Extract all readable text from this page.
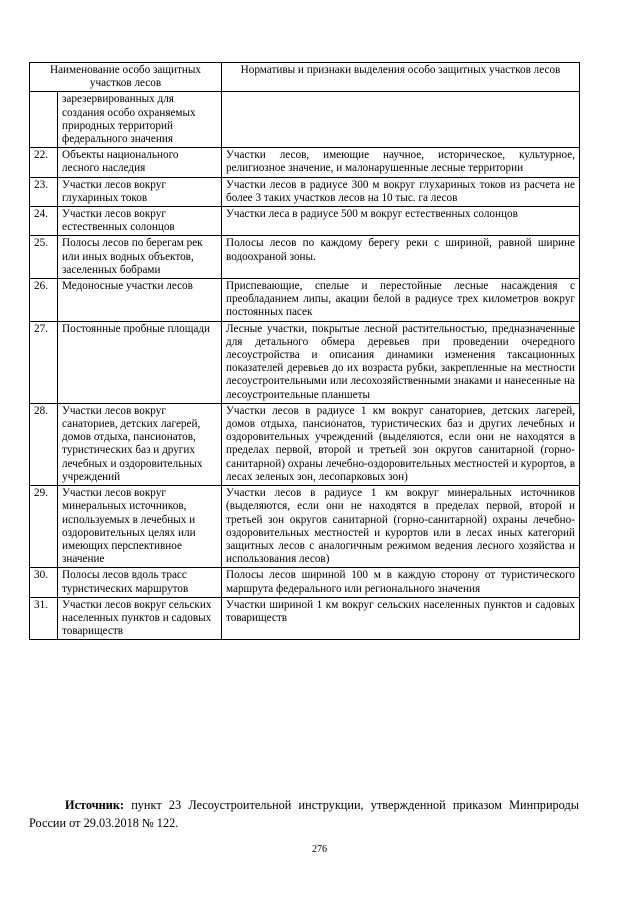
Наименование особо защитных участков лесов		Нормативы и признаки выделения особо защитных участков лесов
	зарезервированных для создания особо охраняемых природных территорий федерального значения	
22.	Объекты национального лесного наследия	Участки лесов, имеющие научное, историческое, культурное, религиозное значение, и малонарушенные лесные территории
23.	Участки лесов вокруг глухариных токов	Участки лесов в радиусе 300 м вокруг глухариных токов из расчета не более 3 таких участков лесов на 10 тыс. га лесов
24.	Участки лесов вокруг естественных солонцов	Участки леса в радиусе 500 м вокруг естественных солонцов
25.	Полосы лесов по берегам рек или иных водных объектов, заселенных бобрами	Полосы лесов по каждому берегу реки с шириной, равной ширине водоохраной зоны.
26.	Медоносные участки лесов	Приспевающие, спелые и перестойные лесные насаждения с преобладанием липы, акации белой в радиусе трех километров вокруг постоянных пасек
27.	Постоянные пробные площади	Лесные участки, покрытые лесной растительностью, предназначенные для детального обмера деревьев при проведении очередного лесоустройства и описания динамики изменения таксационных показателей деревьев до их возраста рубки, закрепленные на местности лесоустроительными или лесохозяйственными знаками и нанесенные на лесоустроительные планшеты
28.	Участки лесов вокруг санаториев, детских лагерей, домов отдыха, пансионатов, туристических баз и других лечебных и оздоровительных учреждений	Участки лесов в радиусе 1 км вокруг санаториев, детских лагерей, домов отдыха, пансионатов, туристических баз и других лечебных и оздоровительных учреждений (выделяются, если они не находятся в пределах первой, второй и третьей зон округов санитарной (горно-санитарной) охраны лечебно-оздоровительных местностей и курортов, в лесах зеленых зон, лесопарковых зон)
29.	Участки лесов вокруг минеральных источников, используемых в лечебных и оздоровительных целях или имеющих перспективное значение	Участки лесов в радиусе 1 км вокруг минеральных источников (выделяются, если они не находятся в пределах первой, второй и третьей зон округов санитарной (горно-санитарной) охраны лечебно-оздоровительных местностей и курортов или в лесах иных категорий защитных лесов с аналогичным режимом ведения лесного хозяйства и использования лесов)
30.	Полосы лесов вдоль трасс туристических маршрутов	Полосы лесов шириной 100 м в каждую сторону от туристического маршрута федерального или регионального значения
31.	Участки лесов вокруг сельских населенных пунктов и садовых товариществ	Участки шириной 1 км вокруг сельских населенных пунктов и садовых товариществ
Источник: пункт 23 Лесоустроительной инструкции, утвержденной приказом Минприроды России от 29.03.2018 № 122.
276
